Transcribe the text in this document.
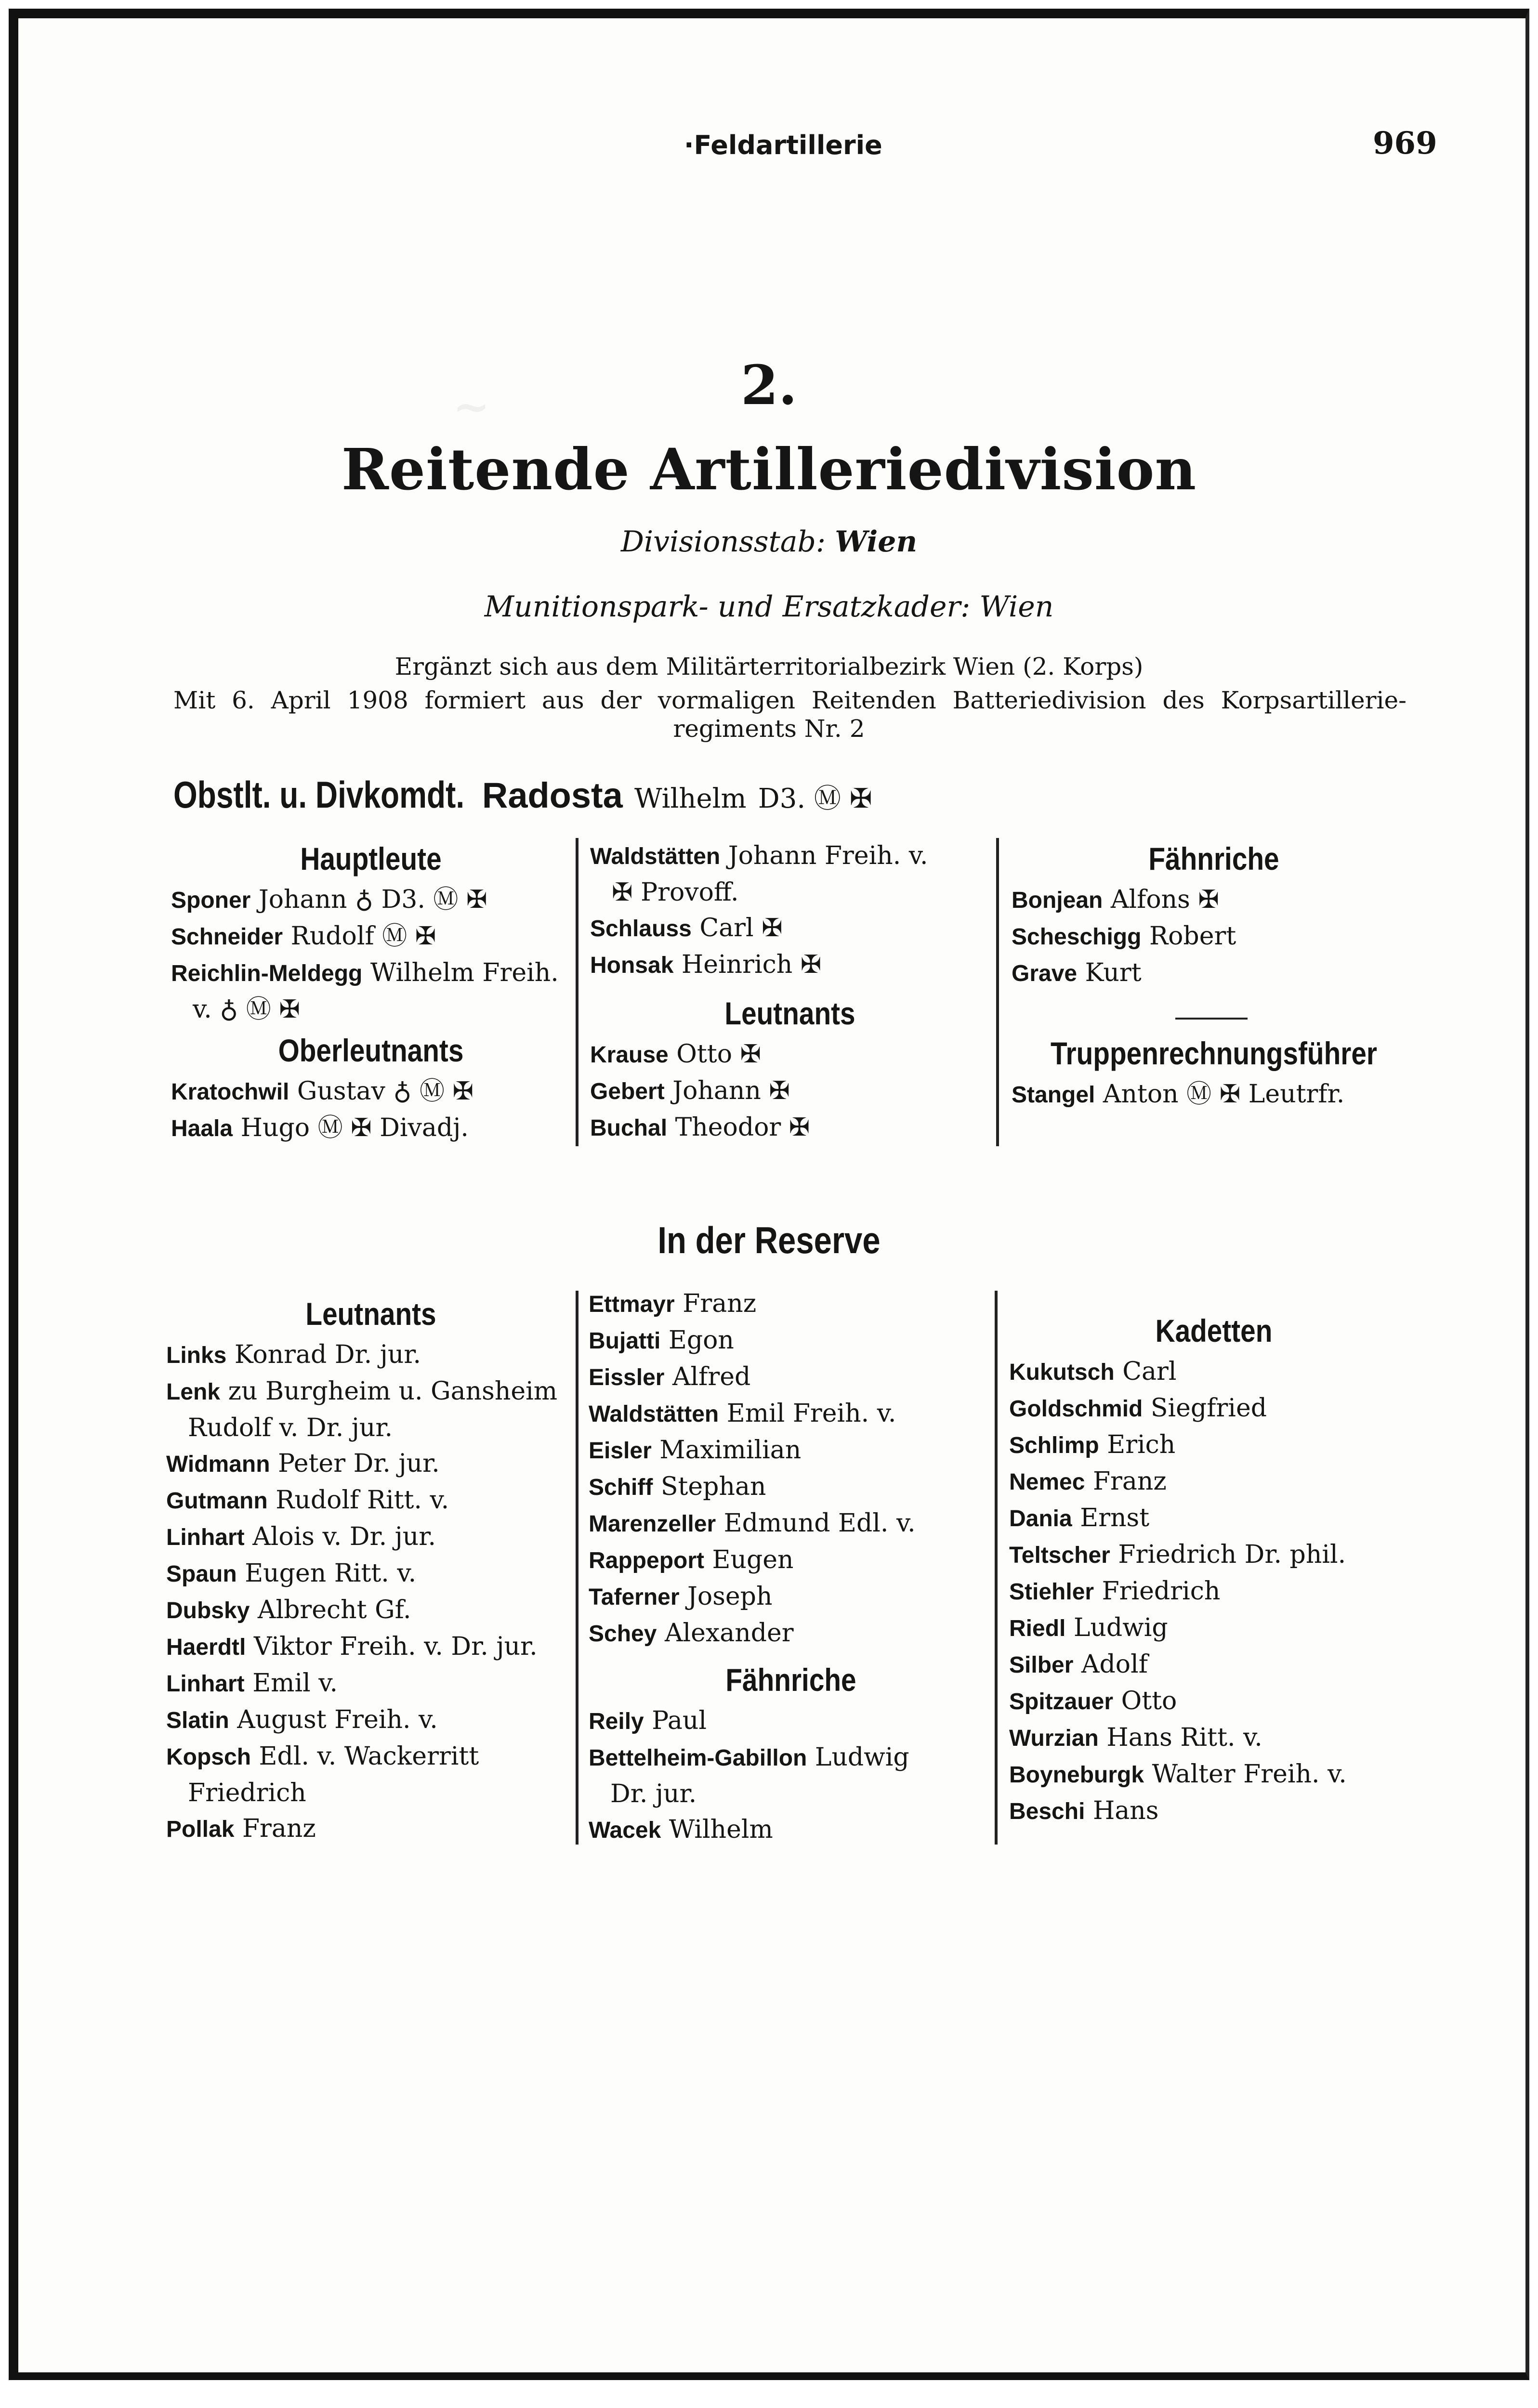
~
·Feldartillerie	969
2.
Reitende Artilleriedivision
Divisionsstab: Wien
Munitionspark- und Ersatzkader: Wien
Ergänzt sich aus dem Militärterritorialbezirk Wien (2. Korps)
Mit 6. April 1908 formiert aus der vormaligen Reitenden Batteriedivision des Korpsartillerie-
regiments Nr. 2
Obstlt. u. Divkomdt. Radosta Wilhelm D3. Ⓜ ✠
Hauptleute
Sponer Johann ♁ D3. Ⓜ ✠
Schneider Rudolf Ⓜ ✠
Reichlin-Meldegg Wilhelm Freih.
v. ♁ Ⓜ ✠
Oberleutnants
Kratochwil Gustav ♁ Ⓜ ✠
Haala Hugo Ⓜ ✠ Divadj.
Waldstätten Johann Freih. v.
✠ Provoff.
Schlauss Carl ✠
Honsak Heinrich ✠
Leutnants
Krause Otto ✠
Gebert Johann ✠
Buchal Theodor ✠
Fähnriche
Bonjean Alfons ✠
Scheschigg Robert
Grave Kurt
Truppenrechnungsführer
Stangel Anton Ⓜ ✠ Leutrfr.
In der Reserve
Leutnants
Links Konrad Dr. jur.
Lenk zu Burgheim u. Gansheim
Rudolf v. Dr. jur.
Widmann Peter Dr. jur.
Gutmann Rudolf Ritt. v.
Linhart Alois v. Dr. jur.
Spaun Eugen Ritt. v.
Dubsky Albrecht Gf.
Haerdtl Viktor Freih. v. Dr. jur.
Linhart Emil v.
Slatin August Freih. v.
Kopsch Edl. v. Wackerritt
Friedrich
Pollak Franz
Ettmayr Franz
Bujatti Egon
Eissler Alfred
Waldstätten Emil Freih. v.
Eisler Maximilian
Schiff Stephan
Marenzeller Edmund Edl. v.
Rappeport Eugen
Taferner Joseph
Schey Alexander
Fähnriche
Reily Paul
Bettelheim-Gabillon Ludwig
Dr. jur.
Wacek Wilhelm
Kadetten
Kukutsch Carl
Goldschmid Siegfried
Schlimp Erich
Nemec Franz
Dania Ernst
Teltscher Friedrich Dr. phil.
Stiehler Friedrich
Riedl Ludwig
Silber Adolf
Spitzauer Otto
Wurzian Hans Ritt. v.
Boyneburgk Walter Freih. v.
Beschi Hans
